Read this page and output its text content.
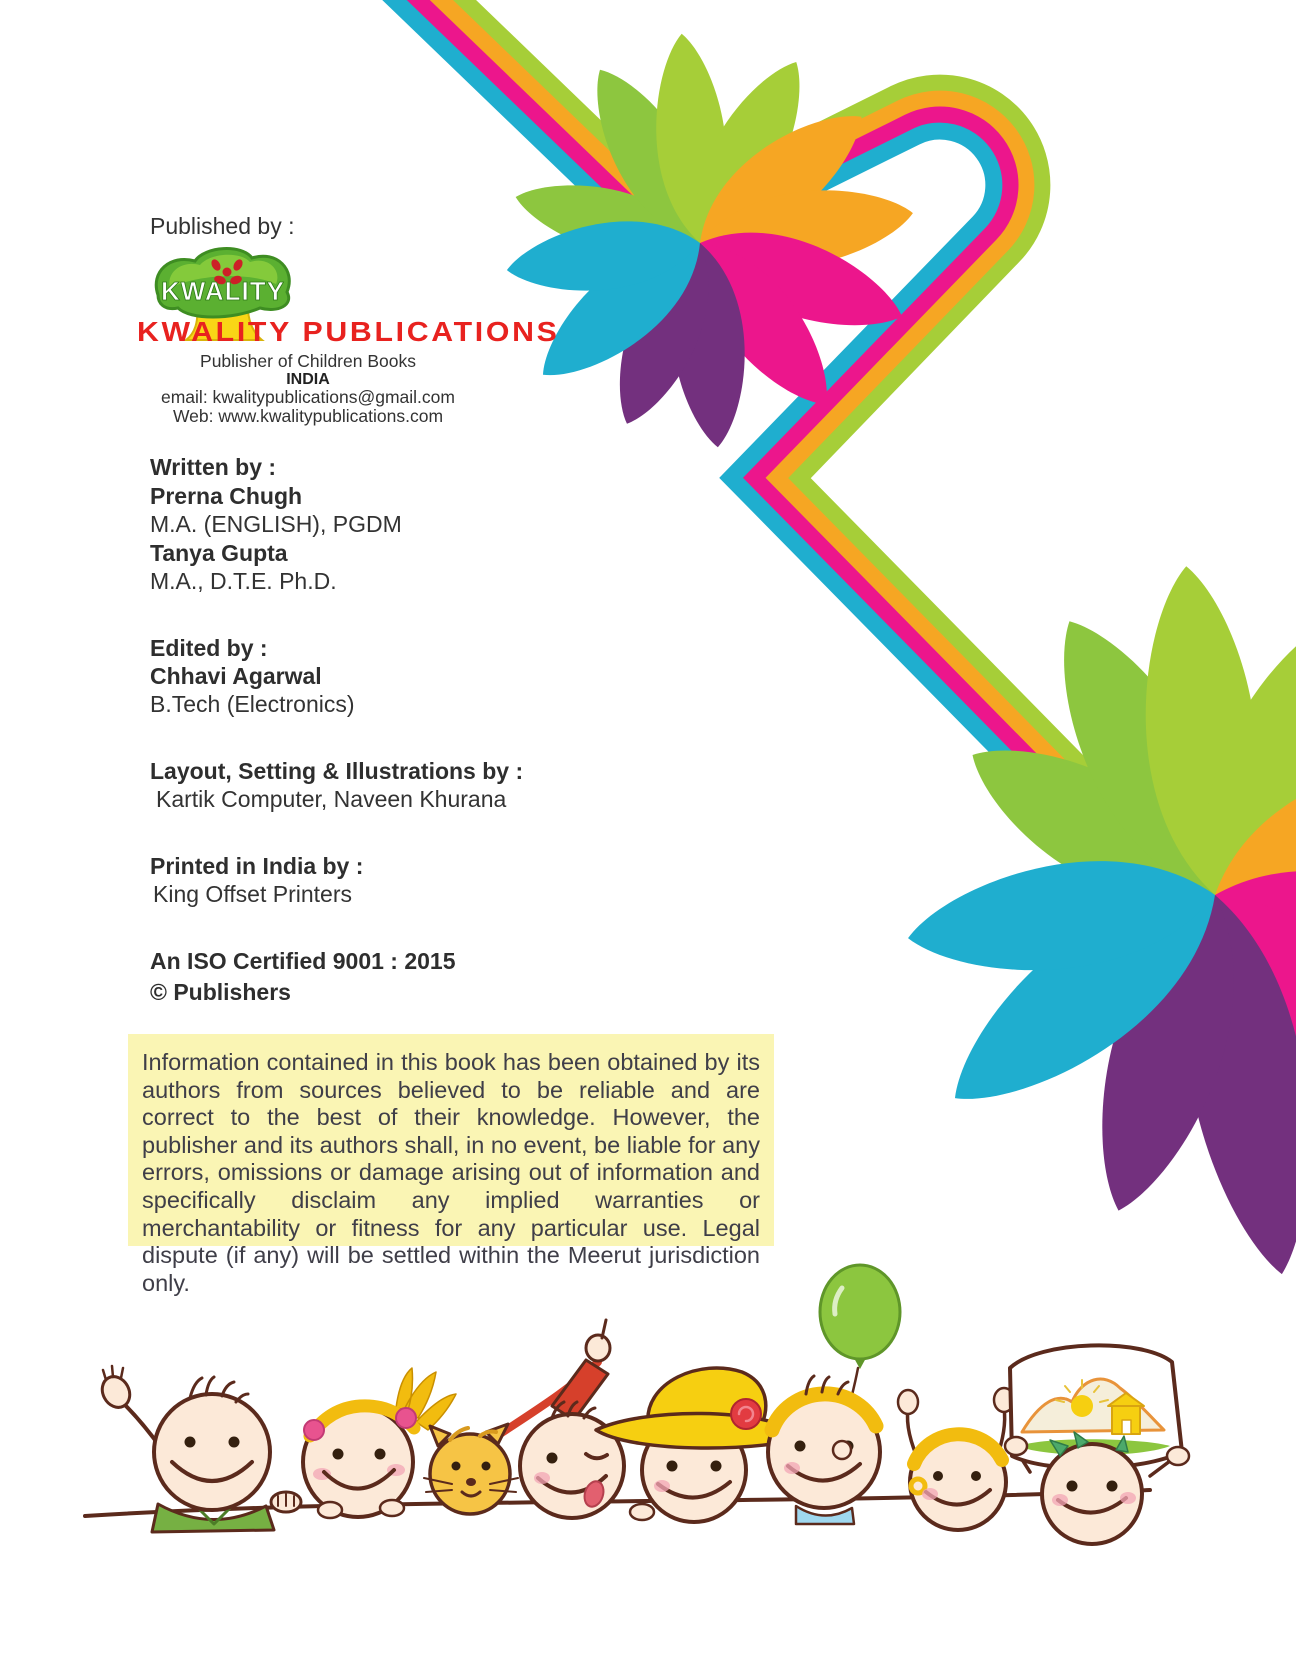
KWALITY
Published by :
KWALITY PUBLICATIONS
Publisher of Children Books
INDIA
email: kwalitypublications@gmail.com
Web: www.kwalitypublications.com
Written by :
Prerna Chugh
M.A. (ENGLISH), PGDM
Tanya Gupta
M.A., D.T.E. Ph.D.
Edited by :
Chhavi Agarwal
B.Tech (Electronics)
Layout, Setting & Illustrations by :
Kartik Computer, Naveen Khurana
Printed in India by :
King Offset Printers
An ISO Certified 9001 : 2015
© Publishers

Information contained in this book has been obtained by its authors from sources believed to be reliable and are correct to the best of their knowledge. However, the publisher and its authors shall, in no event, be liable for any errors, omissions or damage arising out of information and specifically disclaim any implied warranties or merchantability or fitness for any particular use. Legal dispute (if any) will be settled within the Meerut jurisdiction only.
